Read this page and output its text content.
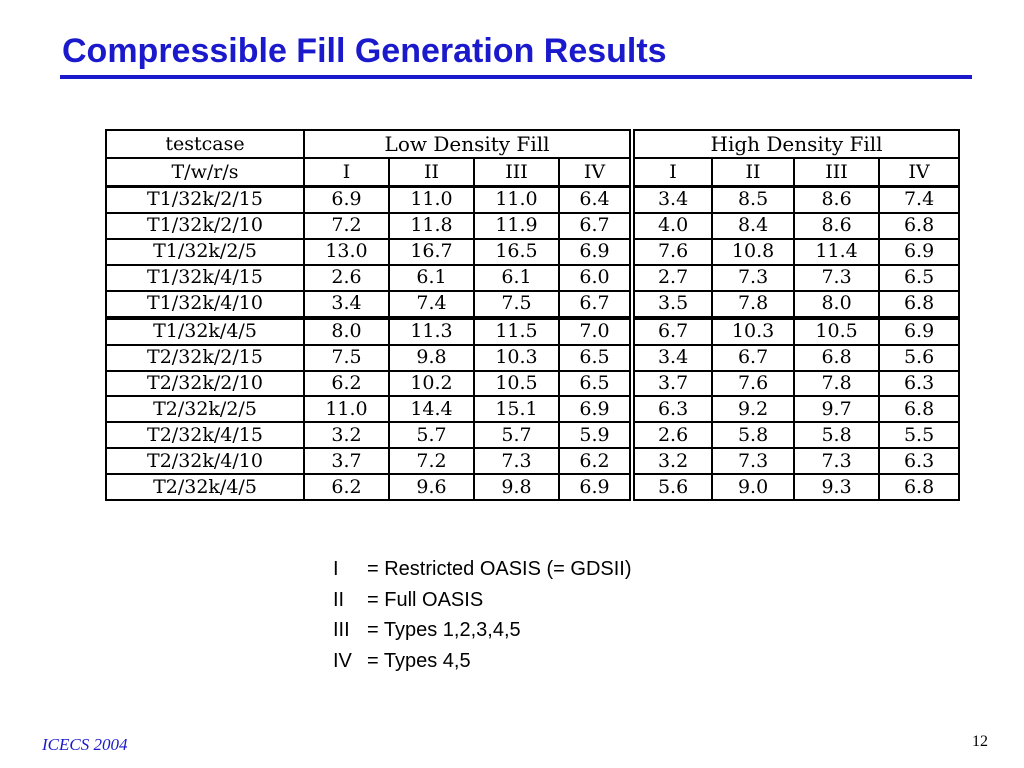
Compressible Fill Generation Results
testcase	Low Density Fill				High Density Fill			
T/w/r/s	I	II	III	IV	I	II	III	IV
T1/32k/2/15	6.9	11.0	11.0	6.4	3.4	8.5	8.6	7.4
T1/32k/2/10	7.2	11.8	11.9	6.7	4.0	8.4	8.6	6.8
T1/32k/2/5	13.0	16.7	16.5	6.9	7.6	10.8	11.4	6.9
T1/32k/4/15	2.6	6.1	6.1	6.0	2.7	7.3	7.3	6.5
T1/32k/4/10	3.4	7.4	7.5	6.7	3.5	7.8	8.0	6.8
T1/32k/4/5	8.0	11.3	11.5	7.0	6.7	10.3	10.5	6.9
T2/32k/2/15	7.5	9.8	10.3	6.5	3.4	6.7	6.8	5.6
T2/32k/2/10	6.2	10.2	10.5	6.5	3.7	7.6	7.8	6.3
T2/32k/2/5	11.0	14.4	15.1	6.9	6.3	9.2	9.7	6.8
T2/32k/4/15	3.2	5.7	5.7	5.9	2.6	5.8	5.8	5.5
T2/32k/4/10	3.7	7.2	7.3	6.2	3.2	7.3	7.3	6.3
T2/32k/4/5	6.2	9.6	9.8	6.9	5.6	9.0	9.3	6.8
I = Restricted OASIS (= GDSII)
II = Full OASIS
III = Types 1,2,3,4,5
IV = Types 4,5
ICECS 2004	12
